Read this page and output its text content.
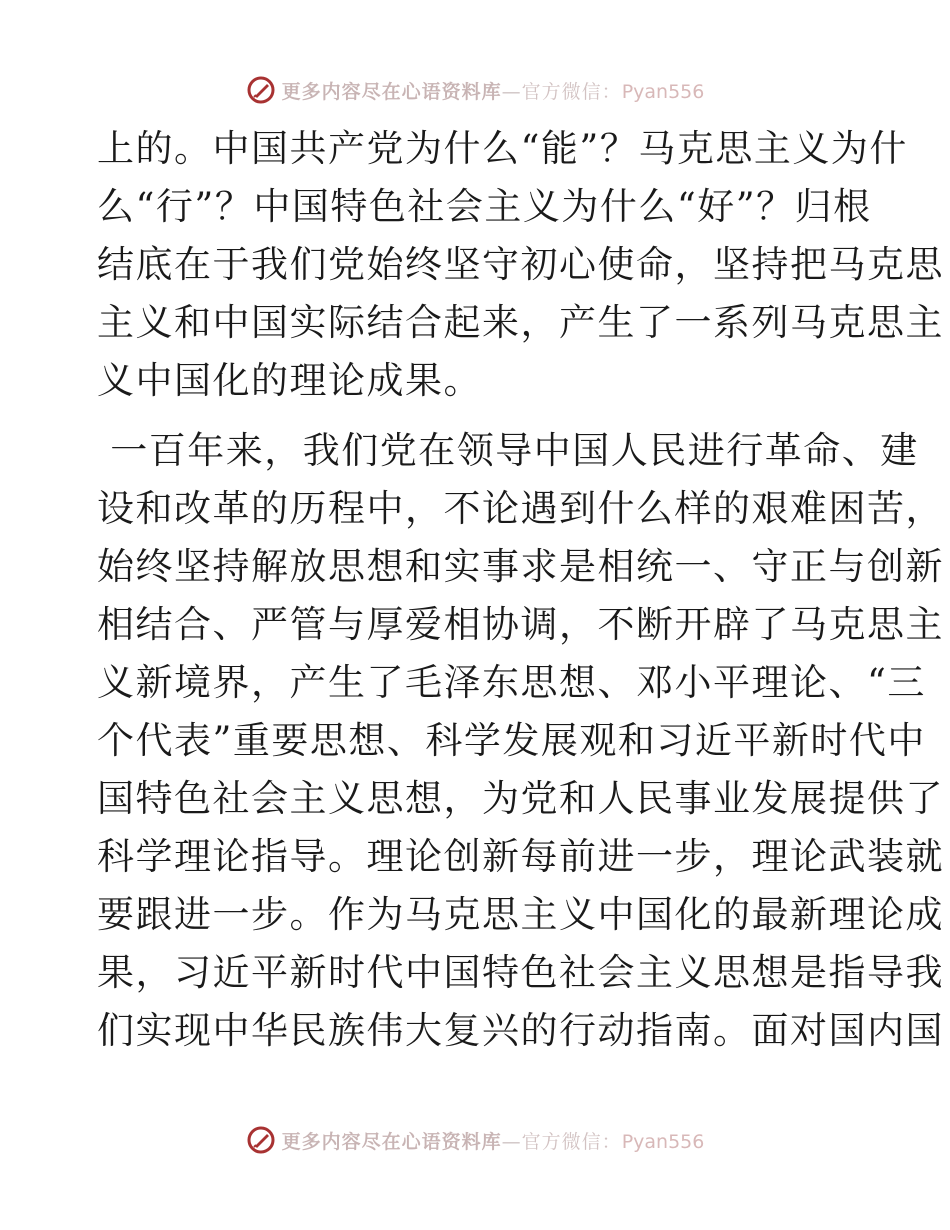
更多内容尽在心语资料库—官方微信：Pyan556
上的。中国共产党为什么“能”？马克思主义为什
么“行”？中国特色社会主义为什么“好”？归根
结底在于我们党始终坚守初心使命，坚持把马克思
主义和中国实际结合起来，产生了一系列马克思主
义中国化的理论成果。
一百年来，我们党在领导中国人民进行革命、建
设和改革的历程中，不论遇到什么样的艰难困苦，
始终坚持解放思想和实事求是相统一、守正与创新
相结合、严管与厚爱相协调，不断开辟了马克思主
义新境界，产生了毛泽东思想、邓小平理论、“三
个代表”重要思想、科学发展观和习近平新时代中
国特色社会主义思想，为党和人民事业发展提供了
科学理论指导。理论创新每前进一步，理论武装就
要跟进一步。作为马克思主义中国化的最新理论成
果，习近平新时代中国特色社会主义思想是指导我
们实现中华民族伟大复兴的行动指南。面对国内国
更多内容尽在心语资料库—官方微信：Pyan556
